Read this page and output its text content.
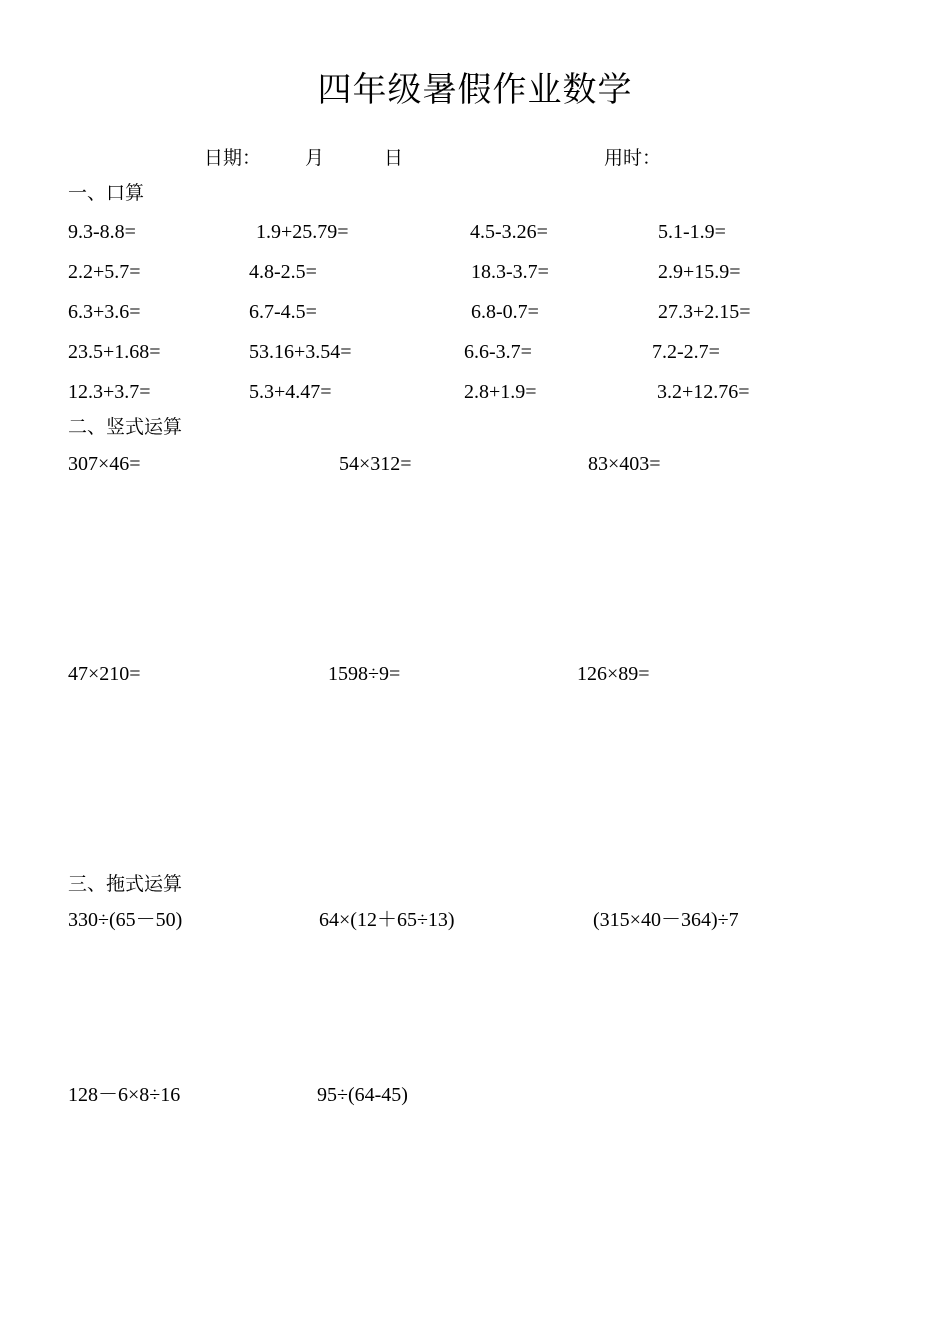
四年级暑假作业数学
日期： 月	日	用时：
一、口算
9.3-8.8=	1.9+25.79=	4.5-3.26=	5.1-1.9=
2.2+5.7=	4.8-2.5=	18.3-3.7=	2.9+15.9=
6.3+3.6=	6.7-4.5=	6.8-0.7=	27.3+2.15=
23.5+1.68=	53.16+3.54=	6.6-3.7=	7.2-2.7=
12.3+3.7=	5.3+4.47=	2.8+1.9=	3.2+12.76=
二、竖式运算
307×46=	54×312=	83×403=
47×210=	1598÷9=	126×89=
三、拖式运算
330÷(65－50)	64×(12＋65÷13)	(315×40－364)÷7
128－6×8÷16	95÷(64-45)
